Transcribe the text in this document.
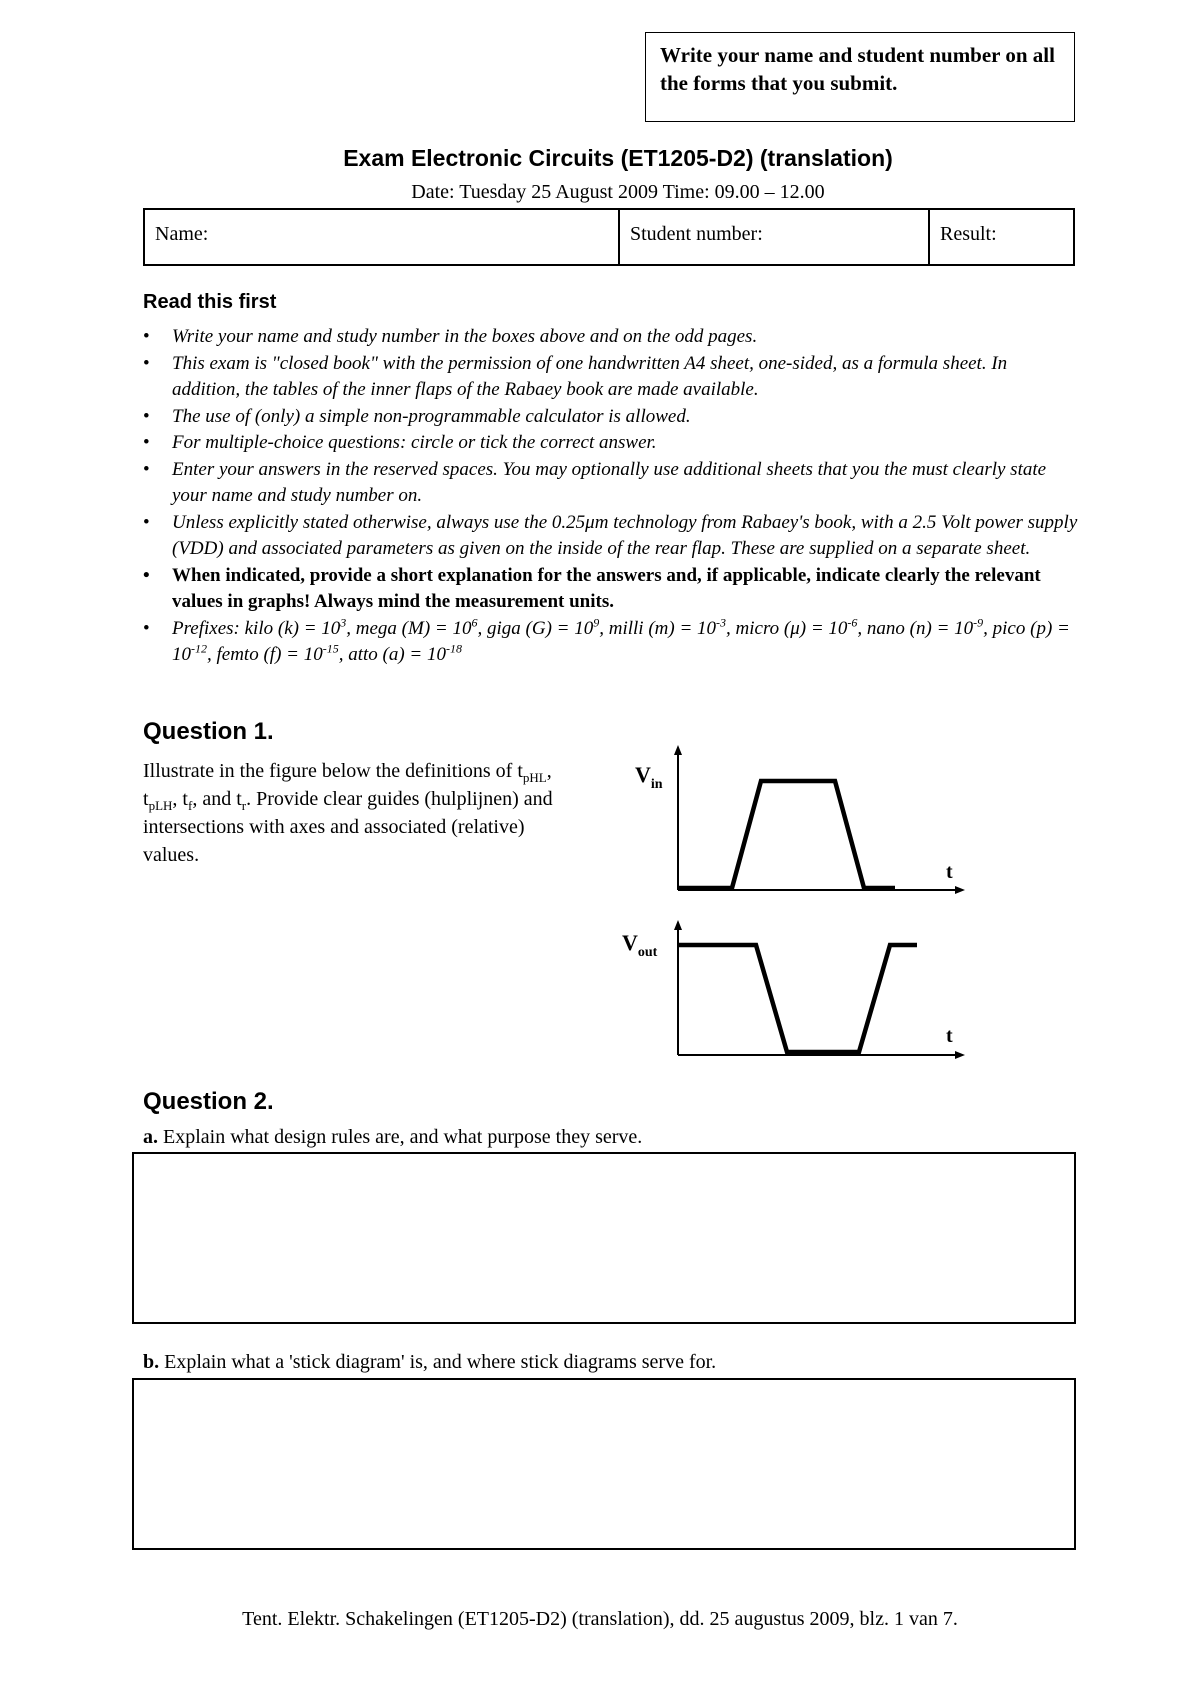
Write your name and student number on all the forms that you submit.
Exam Electronic Circuits (ET1205-D2) (translation)
Date: Tuesday 25 August 2009 Time: 09.00 – 12.00
Name:	Student number:	Result:
Read this first
• Write your name and study number in the boxes above and on the odd pages.
• This exam is "closed book" with the permission of one handwritten A4 sheet, one-sided, as a formula sheet. In addition, the tables of the inner flaps of the Rabaey book are made available.
• The use of (only) a simple non-programmable calculator is allowed.
• For multiple-choice questions: circle or tick the correct answer.
• Enter your answers in the reserved spaces. You may optionally use additional sheets that you the must clearly state your name and study number on.
• Unless explicitly stated otherwise, always use the 0.25μm technology from Rabaey's book, with a 2.5 Volt power supply (VDD) and associated parameters as given on the inside of the rear flap. These are supplied on a separate sheet.
• When indicated, provide a short explanation for the answers and, if applicable, indicate clearly the relevant values in graphs! Always mind the measurement units.
• Prefixes: kilo $(k) = 10^3$, mega $(M) = 10^6$, giga $(G) = 10^9$, milli $(m) = 10^{-3}$, micro $(\mu) = 10^{-6}$, nano $(n) = 10^{-9}$, pico $(p) = 10^{-12}$, femto $(f) = 10^{-15}$, atto $(a) = 10^{-18}$
Question 1.
Illustrate in the figure below the definitions of $t_{pHL}$, $t_{pLH}$, $t_f$, and $t_r$. Provide clear guides (hulplijnen) and intersections with axes and associated (relative) values.
$V_{in}$
t
$V_{out}$
t
Question 2.
a. Explain what design rules are, and what purpose they serve.
b. Explain what a 'stick diagram' is, and where stick diagrams serve for.
Tent. Elektr. Schakelingen (ET1205-D2) (translation), dd. 25 augustus 2009, blz. 1 van 7.
